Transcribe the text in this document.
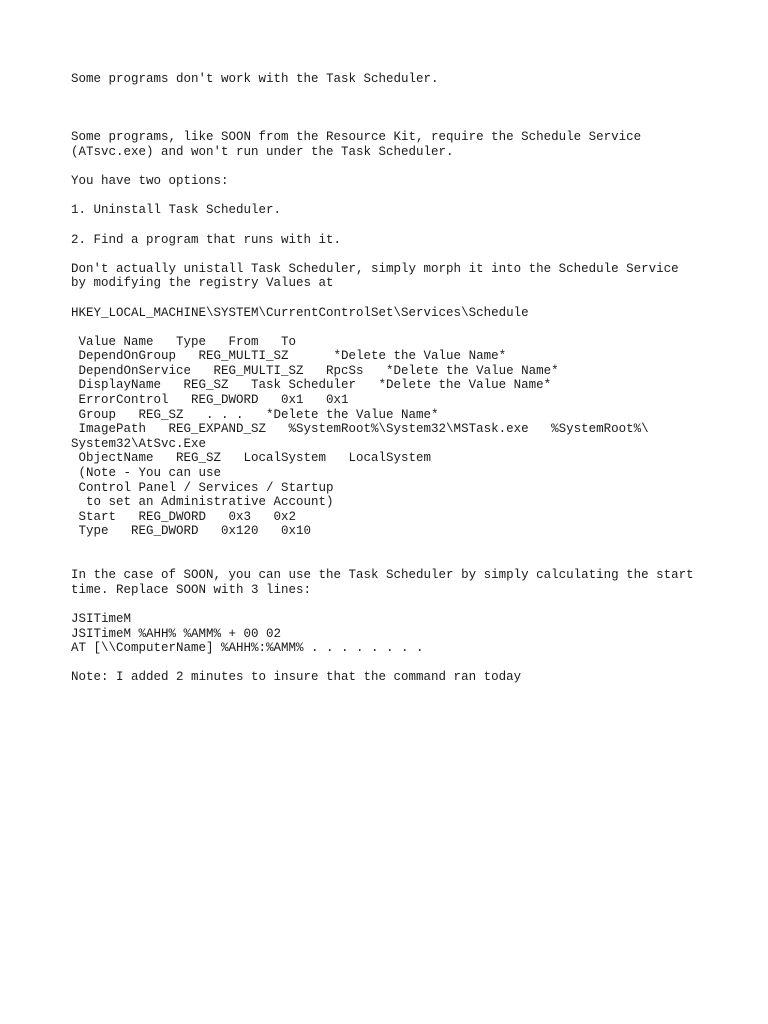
Some programs don't work with the Task Scheduler.
Some programs, like SOON from the Resource Kit, require the Schedule Service
(ATsvc.exe) and won't run under the Task Scheduler.
You have two options:
1. Uninstall Task Scheduler.
2. Find a program that runs with it.
Don't actually unistall Task Scheduler, simply morph it into the Schedule Service
by modifying the registry Values at
HKEY_LOCAL_MACHINE\SYSTEM\CurrentControlSet\Services\Schedule
Value Name   Type   From   To
DependOnGroup   REG_MULTI_SZ      *Delete the Value Name*
DependOnService   REG_MULTI_SZ   RpcSs   *Delete the Value Name*
DisplayName   REG_SZ   Task Scheduler   *Delete the Value Name*
ErrorControl   REG_DWORD   0x1   0x1
Group   REG_SZ   . . .   *Delete the Value Name*
ImagePath   REG_EXPAND_SZ   %SystemRoot%\System32\MSTask.exe   %SystemRoot%\
System32\AtSvc.Exe
ObjectName   REG_SZ   LocalSystem   LocalSystem
(Note - You can use
Control Panel / Services / Startup
to set an Administrative Account)
Start   REG_DWORD   0x3   0x2
Type   REG_DWORD   0x120   0x10
In the case of SOON, you can use the Task Scheduler by simply calculating the start
time. Replace SOON with 3 lines:
JSITimeM
JSITimeM %AHH% %AMM% + 00 02
AT [\\ComputerName] %AHH%:%AMM% . . . . . . . .
Note: I added 2 minutes to insure that the command ran today
